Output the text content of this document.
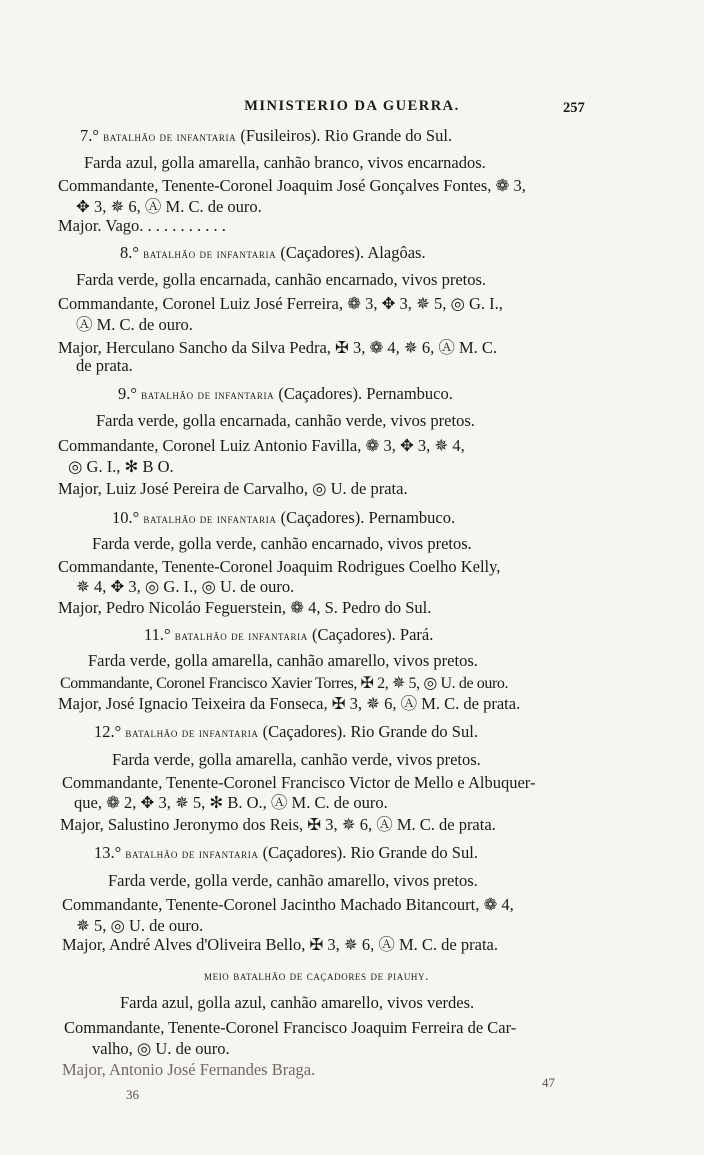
MINISTERIO DA GUERRA.	257
7.° batalhão de infantaria (Fusileiros). Rio Grande do Sul.
Farda azul, golla amarella, canhão branco, vivos encarnados.
Commandante, Tenente-Coronel Joaquim José Gonçalves Fontes, ❁ 3,
✥ 3, ✵ 6, Ⓐ M. C. de ouro.
Major. Vago. . . . . . . . . . .
8.° batalhão de infantaria (Caçadores). Alagôas.
Farda verde, golla encarnada, canhão encarnado, vivos pretos.
Commandante, Coronel Luiz José Ferreira, ❁ 3, ✥ 3, ✵ 5, ◎ G. I.,
Ⓐ M. C. de ouro.
Major, Herculano Sancho da Silva Pedra, ✠ 3, ❁ 4, ✵ 6, Ⓐ M. C.
de prata.
9.° batalhão de infantaria (Caçadores). Pernambuco.
Farda verde, golla encarnada, canhão verde, vivos pretos.
Commandante, Coronel Luiz Antonio Favilla, ❁ 3, ✥ 3, ✵ 4,
◎ G. I., ✻ B O.
Major, Luiz José Pereira de Carvalho, ◎ U. de prata.
10.° batalhão de infantaria (Caçadores). Pernambuco.
Farda verde, golla verde, canhão encarnado, vivos pretos.
Commandante, Tenente-Coronel Joaquim Rodrigues Coelho Kelly,
✵ 4, ✥ 3, ◎ G. I., ◎ U. de ouro.
Major, Pedro Nicoláo Feguerstein, ❁ 4, S. Pedro do Sul.
11.° batalhão de infantaria (Caçadores). Pará.
Farda verde, golla amarella, canhão amarello, vivos pretos.
Commandante, Coronel Francisco Xavier Torres, ✠ 2, ✵ 5, ◎ U. de ouro.
Major, José Ignacio Teixeira da Fonseca, ✠ 3, ✵ 6, Ⓐ M. C. de prata.
12.° batalhão de infantaria (Caçadores). Rio Grande do Sul.
Farda verde, golla amarella, canhão verde, vivos pretos.
Commandante, Tenente-Coronel Francisco Victor de Mello e Albuquer-
que, ❁ 2, ✥ 3, ✵ 5, ✻ B. O., Ⓐ M. C. de ouro.
Major, Salustino Jeronymo dos Reis, ✠ 3, ✵ 6, Ⓐ M. C. de prata.
13.° batalhão de infantaria (Caçadores). Rio Grande do Sul.
Farda verde, golla verde, canhão amarello, vivos pretos.
Commandante, Tenente-Coronel Jacintho Machado Bitancourt, ❁ 4,
✵ 5, ◎ U. de ouro.
Major, André Alves d'Oliveira Bello, ✠ 3, ✵ 6, Ⓐ M. C. de prata.
meio batalhão de caçadores de piauhy.
Farda azul, golla azul, canhão amarello, vivos verdes.
Commandante, Tenente-Coronel Francisco Joaquim Ferreira de Car-
valho, ◎ U. de ouro.
Major, Antonio José Fernandes Braga.
36
47
